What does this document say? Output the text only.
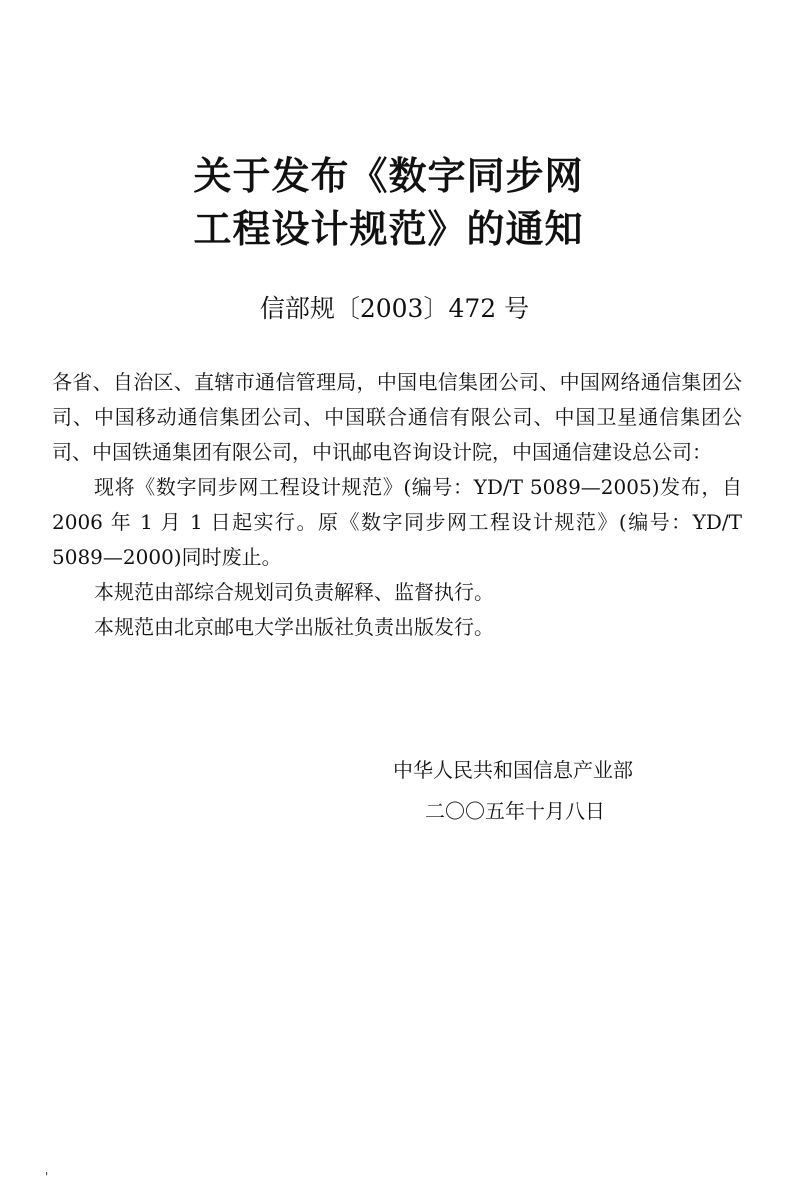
关于发布《数字同步网
工程设计规范》的通知
信部规〔2003〕472 号

各省、自治区、直辖市通信管理局，中国电信集团公司、中国网络通信集团公司、中国移动通信集团公司、中国联合通信有限公司、中国卫星通信集团公司、中国铁通集团有限公司，中讯邮电咨询设计院，中国通信建设总公司：

现将《数字同步网工程设计规范》(编号：YD/T 5089—2005)发布，自 2006 年 1 月 1 日起实行。原《数字同步网工程设计规范》(编号：YD/T 5089—2000)同时废止。

本规范由部综合规划司负责解释、监督执行。

本规范由北京邮电大学出版社负责出版发行。

中华人民共和国信息产业部
二〇〇五年十月八日
'
